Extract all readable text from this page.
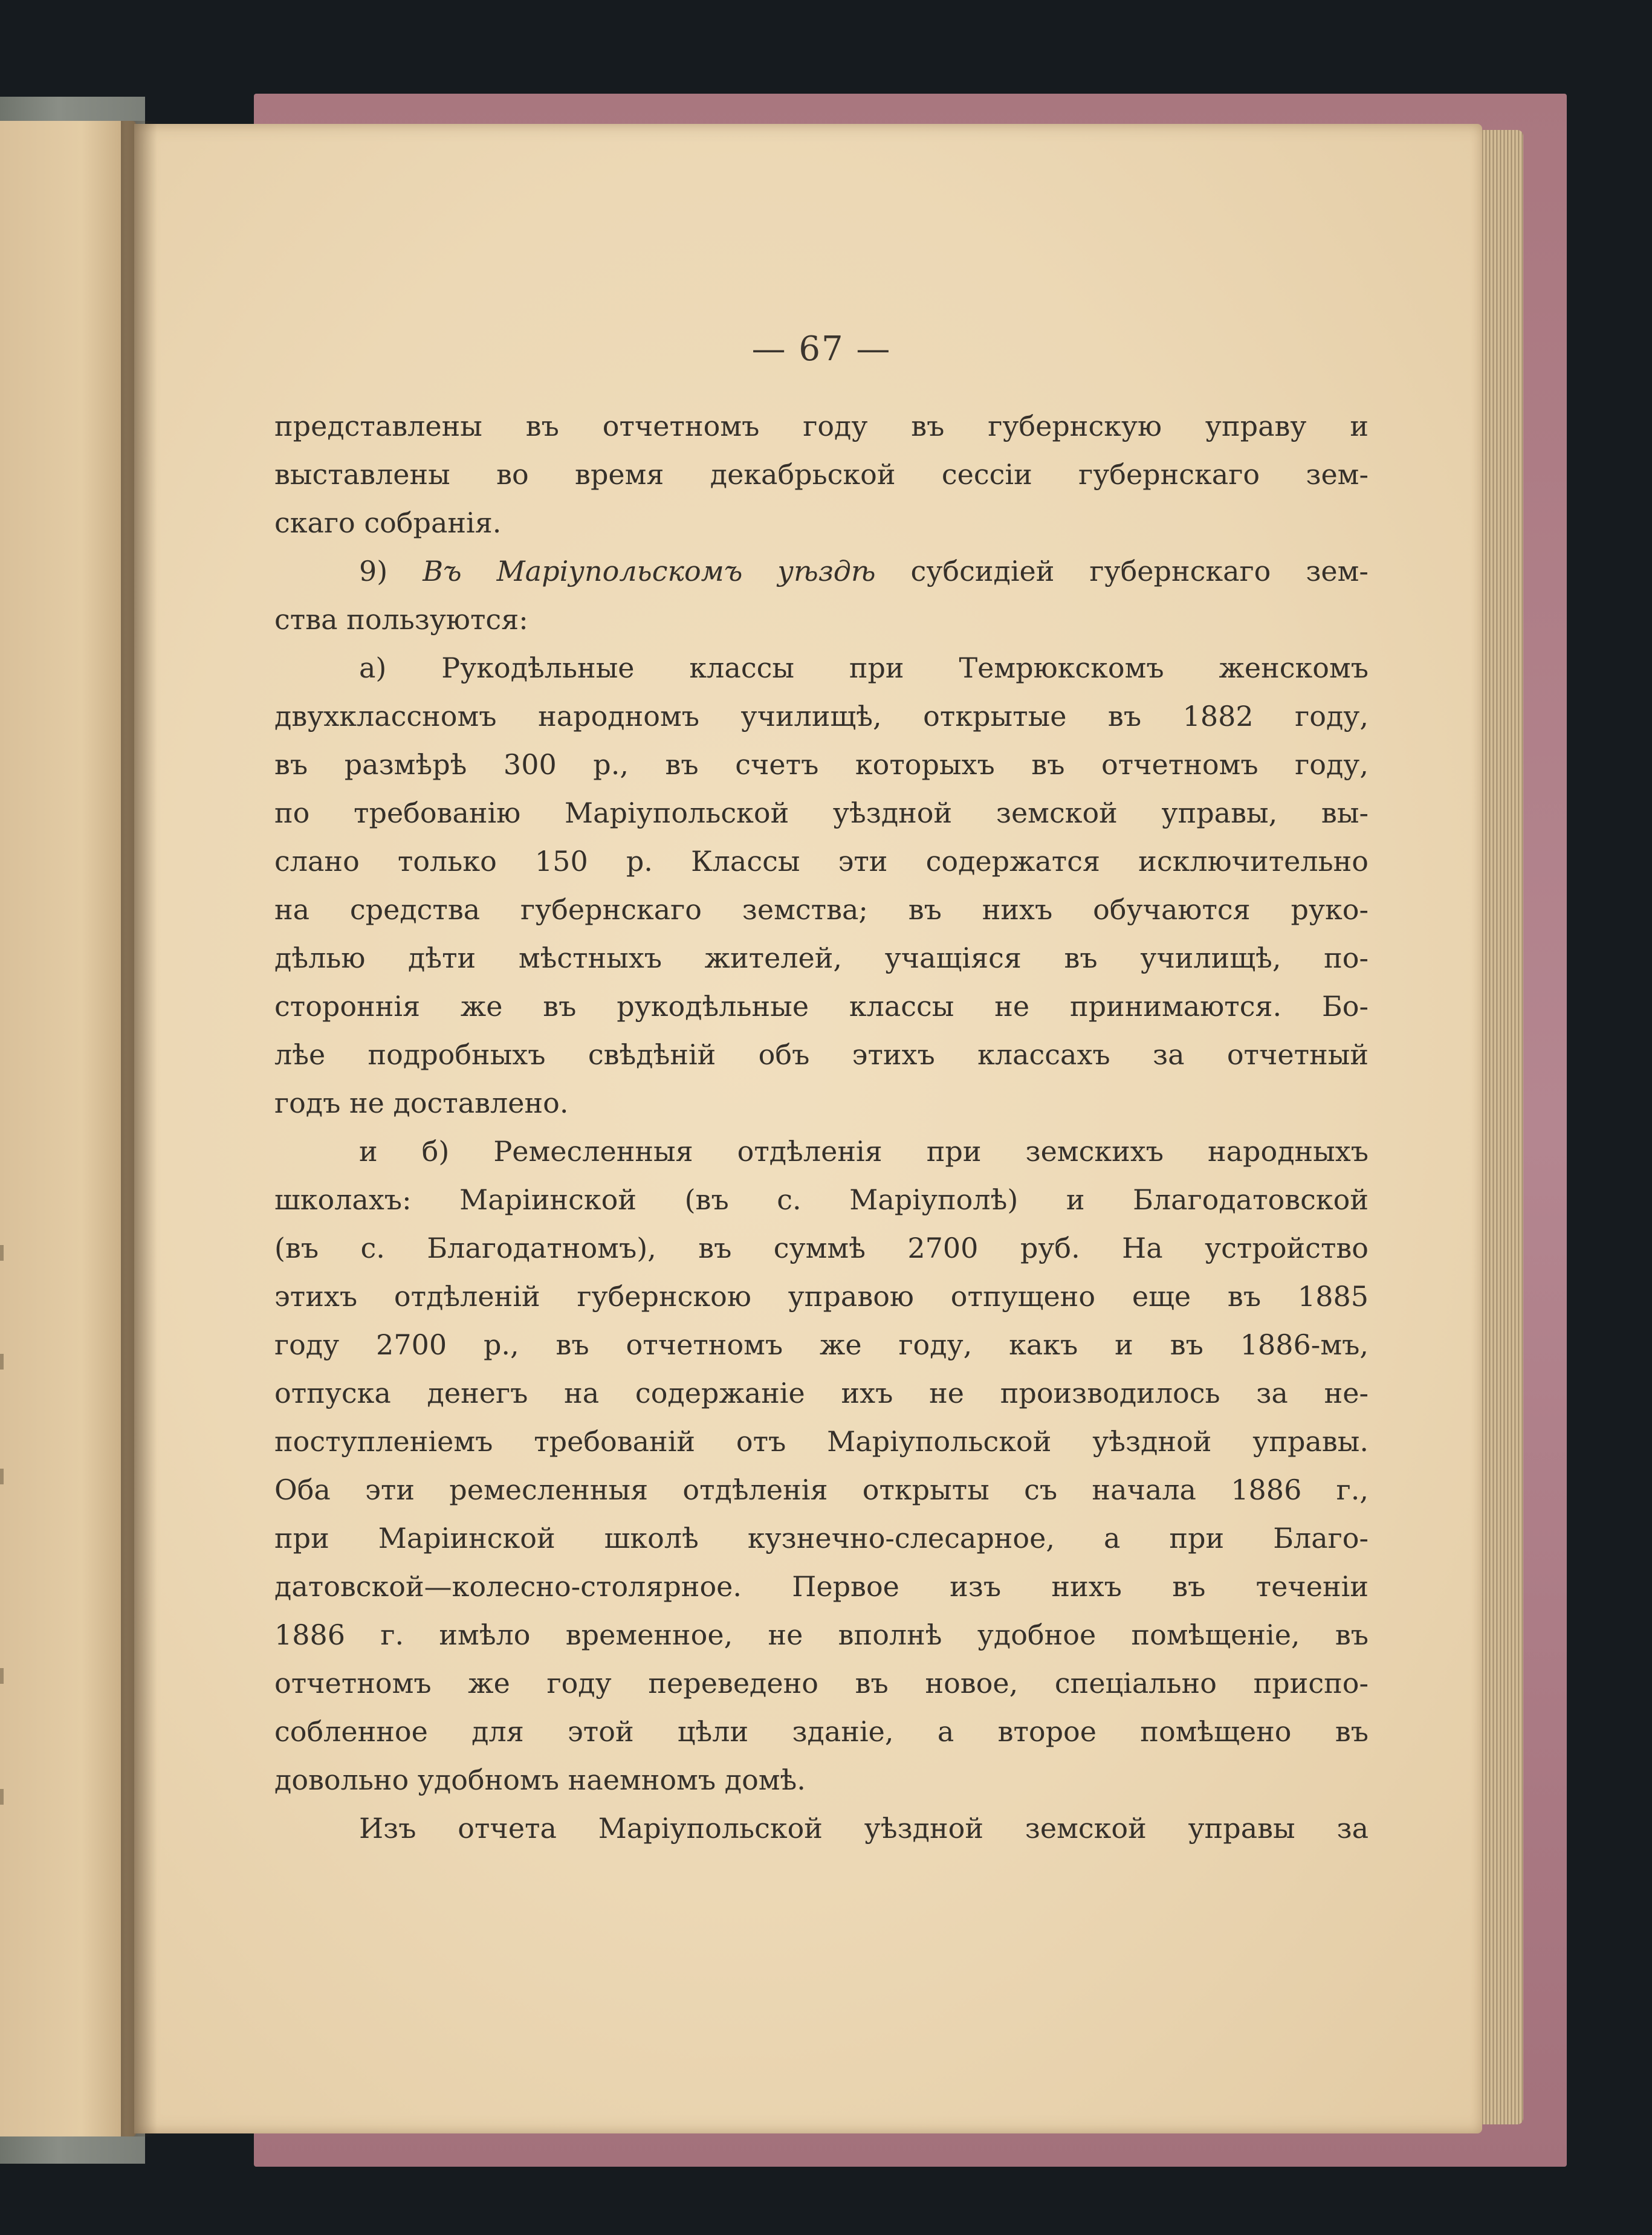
— 67 —
представлены въ отчетномъ году въ губернскую управу и
выставлены во время декабрьской сессіи губернскаго зем-
скаго собранія.
9) Въ Маріупольскомъ уѣздѣ субсидіей губернскаго зем-
ства пользуются:
а) Рукодѣльные классы при Темрюкскомъ женскомъ
двухклассномъ народномъ училищѣ, открытые въ 1882 году,
въ размѣрѣ 300 р., въ счетъ которыхъ въ отчетномъ году,
по требованію Маріупольской уѣздной земской управы, вы-
слано только 150 р. Классы эти содержатся исключительно
на средства губернскаго земства; въ нихъ обучаются руко-
дѣлью дѣти мѣстныхъ жителей, учащіяся въ училищѣ, по-
стороннія же въ рукодѣльные классы не принимаются. Бо-
лѣе подробныхъ свѣдѣній объ этихъ классахъ за отчетный
годъ не доставлено.
и б) Ремесленныя отдѣленія при земскихъ народныхъ
школахъ: Маріинской (въ с. Маріуполѣ) и Благодатовской
(въ с. Благодатномъ), въ суммѣ 2700 руб. На устройство
этихъ отдѣленій губернскою управою отпущено еще въ 1885
году 2700 р., въ отчетномъ же году, какъ и въ 1886-мъ,
отпуска денегъ на содержаніе ихъ не производилось за не-
поступленіемъ требованій отъ Маріупольской уѣздной управы.
Оба эти ремесленныя отдѣленія открыты съ начала 1886 г.,
при Маріинской школѣ кузнечно-слесарное, а при Благо-
датовской—колесно-столярное. Первое изъ нихъ въ теченіи
1886 г. имѣло временное, не вполнѣ удобное помѣщеніе, въ
отчетномъ же году переведено въ новое, спеціально приспо-
собленное для этой цѣли зданіе, а второе помѣщено въ
довольно удобномъ наемномъ домѣ.
Изъ отчета Маріупольской уѣздной земской управы за
